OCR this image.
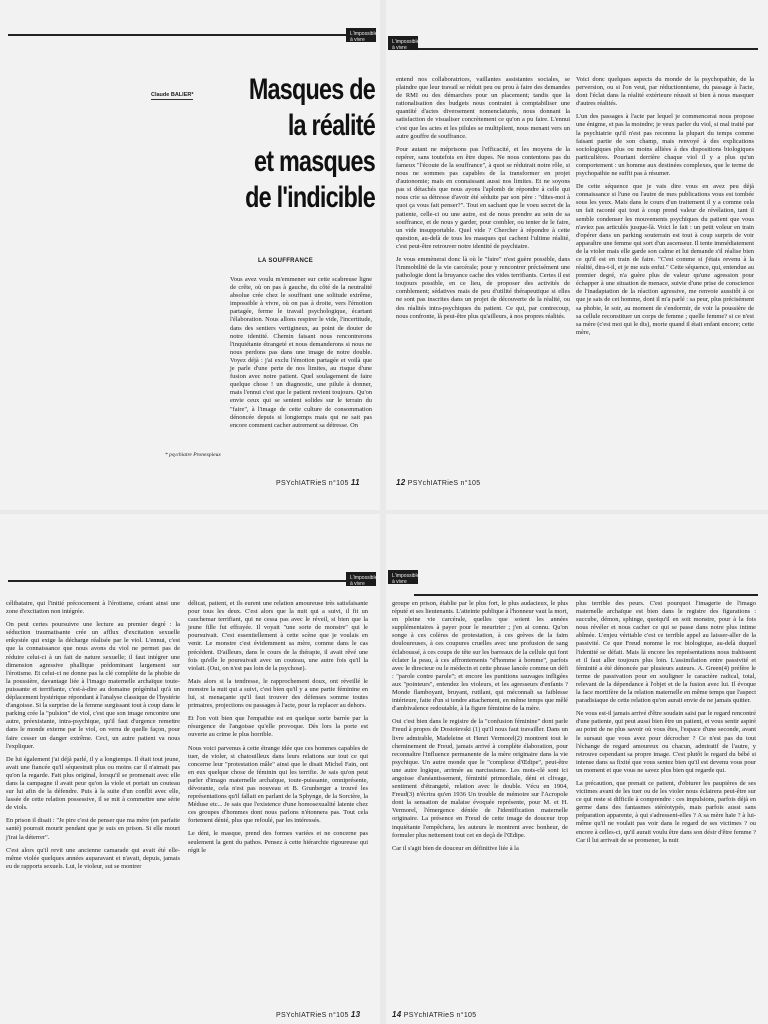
L'impossible
à vivre
Claude BALIER*	Masques de
la réalité
et masques
de l'indicible
LA SOUFFRANCE

Vous avez voulu m'emmener sur cette scabreuse ligne de crête, où on pas à gauche, du côté de la neutralité absolue crée chez le souffrant une solitude extrême, impossible à vivre, où on pas à droite, vers l'émotion partagée, ferme le travail psychologique, écartant l'élaboration. Nous allons respirer le vide, l'incertitude, dans des sentiers vertigineux, au point de douter de notre identité. Chemin faisant nous rencontrerons l'inquiétante étrangeté et nous demanderons si nous ne nous perdons pas dans une image de notre double. Voyez déjà : j'ai exclu l'émotion partagée et voilà que je parle d'une perte de nos limites, au risque d'une fusion avec notre patient. Quel soulagement de faire quelque chose ! un diagnostic, une pilule à donner, mais l'ennui c'est que le patient revient toujours. Qu'on envie ceux qui se sentent solides sur le terrain du "faire", à l'image de cette culture de consommation dénoncée depuis si longtemps mais qui ne sait pas encore comment cacher autrement sa détresse. On

* psychiatre Pronexpieux
PSYchIATRieS n°105 11
L'impossible
à vivre

entend nos collaboratrices, vaillantes assistantes sociales, se plaindre que leur travail se réduit peu ou prou à faire des demandes de RMI ou des démarches pour un placement; tandis que la rationalisation des budgets nous contraint à comptabiliser une quantité d'actes diversement nomenclaturés, nous donnant la satisfaction de visualiser concrètement ce qu'on a pu faire. L'ennui c'est que les actes et les pilules se multiplient, nous menant vers un autre gouffre de souffrance.

Pour autant ne méprisons pas l'efficacité, et les moyens de la repérer, sans toutefois en être dupes. Ne nous contentons pas du fameux "l'écoute de la souffrance", à quoi se réduirait notre rôle, si nous ne sommes pas capables de la transformer en projet d'autonomie; mais en connaissant aussi nos limites. Et ne soyons pas si détachés que nous ayons l'aplomb de répondre à celle qui nous crie sa détresse d'avoir été séduite par son père : "dites-moi à quoi ça vous fait penser?". Tout en sachant que le voeu secret de la patiente, celle-ci ou une autre, est de nous prendre au sein de sa souffrance, et de nous y garder, pour combler, ou tenter de le faire, un vide insupportable. Quel vide ? Chercher à répondre à cette question, au-delà de tous les masques qui cachent l'ultime réalité, c'est peut-être retrouver notre identité de psychiatre.

Je vous emmènerai donc là où le "faire" n'est guère possible, dans l'immobilité de la vie carcérale; pour y rencontrer précisément une pathologie dont la bruyance cache des vides terrifiants. Certes il est toujours possible, en ce lieu, de proposer des activités de comblement; sédatives mais de peu d'utilité thérapeutique si elles ne sont pas inscrites dans un projet de découverte de la réalité, ou des réalités intra-psychiques du patient. Ce qui, par contrecoup, nous confronte, là peut-être plus qu'ailleurs, à nos propres réalités.

Voici donc quelques aspects du monde de la psychopathie, de la perversion, ou si l'on veut, par réductionnisme, du passage à l'acte, dont l'éclat dans la réalité extérieure réussit si bien à nous masquer d'autres réalités.

L'un des passages à l'acte par lequel je commencerai nous propose une énigme, et pas la moindre; je veux parler du viol, si mal traité par la psychiatrie qu'il n'est pas reconnu la plupart du temps comme faisant partie de son champ, mais renvoyé à des explications sociologiques plus ou moins alliées à des dispositions biologiques particulières. Pourtant derrière chaque viol il y a plus qu'un comportement : un homme aux destinées complexes, que le terme de psychopathie ne suffit pas à résumer.

De cette séquence que je vais dire vous en avez peu déjà connaissance si l'une ou l'autre de mes publications vous est tombée sous les yeux. Mais dans le cours d'un traitement il y a comme cela un fait raconté qui tout à coup prend valeur de révélation, tant il semble condenser les mouvements psychiques du patient que vous n'aviez pas articulés jusque-là. Voici le fait : un petit voleur en train d'opérer dans un parking souterrain est tout à coup surpris de voir apparaître une femme qui sort d'un ascenseur. Il tente immédiatement de la violer mais elle garde son calme et lui demande s'il réalise bien ce qu'il est en train de faire. "C'est comme si j'étais revenu à la réalité, dira-t-il, et je me suis enfui." Cette séquence, qui, entendue au premier degré, n'a guère plus de valeur qu'une agression pour échapper à une situation de menace, suivie d'une prise de conscience de l'inadaptation de la réaction agressive, me renvoie aussitôt à ce que je sais de cet homme, dont il m'a parlé : sa peur, plus précisément sa phobie, le soir, au moment de s'endormir, de voir la poussière de sa cellule reconstituer un corps de femme ; quelle femme? si ce n'est sa mère (c'est moi qui le dis), morte quand il était enfant encore; cette mère,

12 PSYchIATRieS n°105
L'impossible
à vivre

célibataire, qui l'initié précocement à l'érotisme, créant ainsi une zone d'excitation non intégrée.

On peut certes poursuivre une lecture au premier degré : la séduction traumatisante crée un afflux d'excitation sexuelle enkystée qui exige la décharge réalisée par le viol. L'ennui, c'est que la connaissance que nous avons du viol ne permet pas de réduire celui-ci à un fait de nature sexuelle; il faut intégrer une dimension agressive phallique prédominant largement sur l'érotisme. Et celui-ci ne donne pas la clé complète de la phobie de la poussière, davantage liée à l'imago maternelle archaïque toute-puissante et terrifiante, c'est-à-dire au domaine prégénital qu'à un déplacement hystérique répondant à l'analyse classique de l'hystérie d'angoisse. Si la surprise de la femme surgissant tout à coup dans le parking crée la "pulsion" de viol, c'est que son image rencontre une autre, préexistante, intra-psychique, qu'il faut d'urgence remettre dans le monde externe par le viol, on verra de quelle façon, pour faire cesser un danger extrême. Ceci, un autre patient va nous l'expliquer.

De lui également j'ai déjà parlé, il y a longtemps. Il était tout jeune, avait une fiancée qu'il séquestrait plus ou moins car il n'aimait pas qu'on la regarde. Fait plus original, lorsqu'il se promenait avec elle dans la campagne il avait peur qu'on la viole et portait un couteau sur lui afin de la défendre. Puis à la suite d'un conflit avec elle, lassée de cette relation possessive, il se mit à commettre une série de viols.

En prison il disait : "Je pire c'est de penser que ma mère (en parfaite santé) pourrait mourir pendant que je suis en prison. Si elle mourt j'irai la déterrer".

C'est alors qu'il revit une ancienne camarade qui avait été elle-même violée quelques années auparavant et n'avait, depuis, jamais eu de rapports sexuels. Lui, le violeur, sut se montrer

délicat, patient, et ils eurent une relation amoureuse très satisfaisante pour tous les deux. C'est alors que la nuit qui a suivi, il fit un cauchemar terrifiant, qui ne cessa pas avec le réveil, si bien que la jeune fille fut effrayée. Il voyait "une sorte de monstre" qui le poursuivait. C'est essentiellement à cette scène que je voulais en venir. Le monstre c'est évidemment sa mère, comme dans le cas précédent. D'ailleurs, dans le cours de la thérapie, il avait rêvé une fois qu'elle le poursuivait avec un couteau, une autre fois qu'il la violait. (Oui, on n'est pas loin de la psychose).

Mais alors si la tendresse, le rapprochement doux, ont réveillé le monstre la nuit qui a suivi, c'est bien qu'il y a une partie féminine en lui, si menaçante qu'il faut trouver des défenses somme toutes primaires, projections ou passages à l'acte, pour la replacer au dehors.

Et l'on voit bien que l'empathie est en quelque sorte barrée par la résurgence de l'angoisse qu'elle provoque. Dès lors la porte est ouverte au crime le plus horrible.

Nous voici parvenus à cette étrange idée que ces hommes capables de tuer, de violer, si chatouilleux dans leurs relations sur tout ce qui concerne leur "protestation mâle" ainsi que le disait Michel Fain, ont en eux quelque chose de féminin qui les terrifie. Je sais qu'on peut parler d'imago maternelle archaïque, toute-puissante, omniprésente, dévorante, cela n'est pas nouveau et B. Grunberger a trouvé les représentations qu'il fallait en parlant de la Sphynge, de la Sorcière, la Méduse etc... Je sais que l'existence d'une homosexualité latente chez ces groupes d'hommes dont nous parlons n'étonnera pas. Tout cela fortement dénié, plus que refoulé, par les intéressés.

Le déni, le masque, prend des formes variées et ne concerne pas seulement la gent du pathos. Pensez à cette hiérarchie rigoureuse qui régit le

PSYchIATRieS n°105 13
L'impossible
à vivre

groupe en prison, établie par le plus fort, le plus audacieux, le plus réputé et ses lieutenants. L'atteinte publique à l'honneur vaut la mort, en pleine vie carcérale, quelles que soient les années supplémentaires à payer pour le meurtrier ; j'en ai connu. Qu'on songe à ces colères de protestation, à ces grèves de la faim douloureuses, à ces coupures cruelles avec une profusion de sang éclaboussé, à ces coups de tête sur les barreaux de la cellule qui font éclater la peau, à ces affrontements "d'homme à homme", parfois avec le directeur ou le médecin et cette phrase lancée comme un défi : "parole contre parole"; et encore les punitions sauvages infligées aux "pointeurs", entendez les violeurs, et les agresseurs d'enfants ? Monde flamboyant, bruyant, rutilant, qui méconnaît sa faiblesse intérieure, faite d'un si tendre attachement, en même temps que mêlé d'ambivalence redoutable, à la figure féminine de la mère.

Oui c'est bien dans le registre de la "confusion féminine" dont parle Freud à propos de Dostoïevski (1) qu'il nous faut travailler. Dans un livre admirable, Madeleine et Henri Vermorel(2) montrent tout le cheminement de Freud, jamais arrivé à complète élaboration, pour reconnaître l'influence permanente de la mère originaire dans la vie psychique. Un autre monde que le "complexe d'Œdipe", peut-être une autre logique, arrimée au narcissisme. Les mots-clé sont ici angoisse d'anéantissement, féminité primordiale, déni et clivage, sentiment d'étrangeté, relation avec le double. Vécu en 1904, Freud(3) n'écrira qu'en 1936 Un trouble de mémoire sur l'Acropole dont la sensation de malaise évoquée représente, pour M. et H. Vermorel, l'émergence déniée de l'identification maternelle originaire. La présence en Freud de cette image de douceur trop inquiétante l'empêchera, les auteurs le montrent avec bonheur, de formuler plus nettement tout cet en deçà de l'Œdipe.

Car il s'agit bien de douceur en définitive liée à la

plus terrible des peurs. C'est pourquoi l'imagerie de l'imago maternelle archaïque est bien dans le registre des figurations : succube, démon, sphinge, quoiqu'il en soit monstre, pour à la fois nous révéler et nous cacher ce qui se passe dans notre plus intime abîmée. L'enjeu véritable c'est ce terrible appel au laisser-aller de la passivité. Ce que Freud nomme le roc biologique, au-delà duquel l'identité se défait. Mais là encore les représentations nous trahissent et il faut aller toujours plus loin. L'assimilation entre passivité et féminité a été dénoncée par plusieurs auteurs. A. Green(4) préfère le terme de passivation pour en souligner le caractère radical, total, relevant de la dépendance à l'objet et de la fusion avec lui. Il évoque la face mortifère de la relation maternelle en même temps que l'aspect paradisiaque de cette relation qu'on aurait envie de ne jamais quitter.

Ne vous est-il jamais arrivé d'être soudain saisi par le regard rencontré d'une patiente, qui peut aussi bien être un patient, et vous sentir aspiré au point de ne plus savoir où vous êtes, l'espace d'une seconde, avant le sursaut que vous avez pour décrocher ? Ce n'est pas du tout l'échange de regard amoureux ou chacun, admiratif de l'autre, y retrouve cependant sa propre image. C'est plutôt le regard du bébé si intense dans sa fixité que vous sentez bien qu'il est devenu vous pour un moment et que vous ne savez plus bien qui regarde qui.

La précaution, que prenait ce patient, d'obturer les paupières de ses victimes avant de les tuer ou de les violer nous éclairera peut-être sur ce qui reste si difficile à comprendre : ces impulsions, parfois déjà en germe dans des fantasmes stéréotypés, mais parfois aussi sans préparation apparente, à qui s'adressent-elles ? A sa mère haïe ? à lui-même qu'il ne voulait pas voir dans le regard de ses victimes ? ou encore à celles-ci, qu'il aurait voulu être dans son désir d'être femme ? Car il lui arrivait de se promener, la nuit

14 PSYchIATRieS n°105
